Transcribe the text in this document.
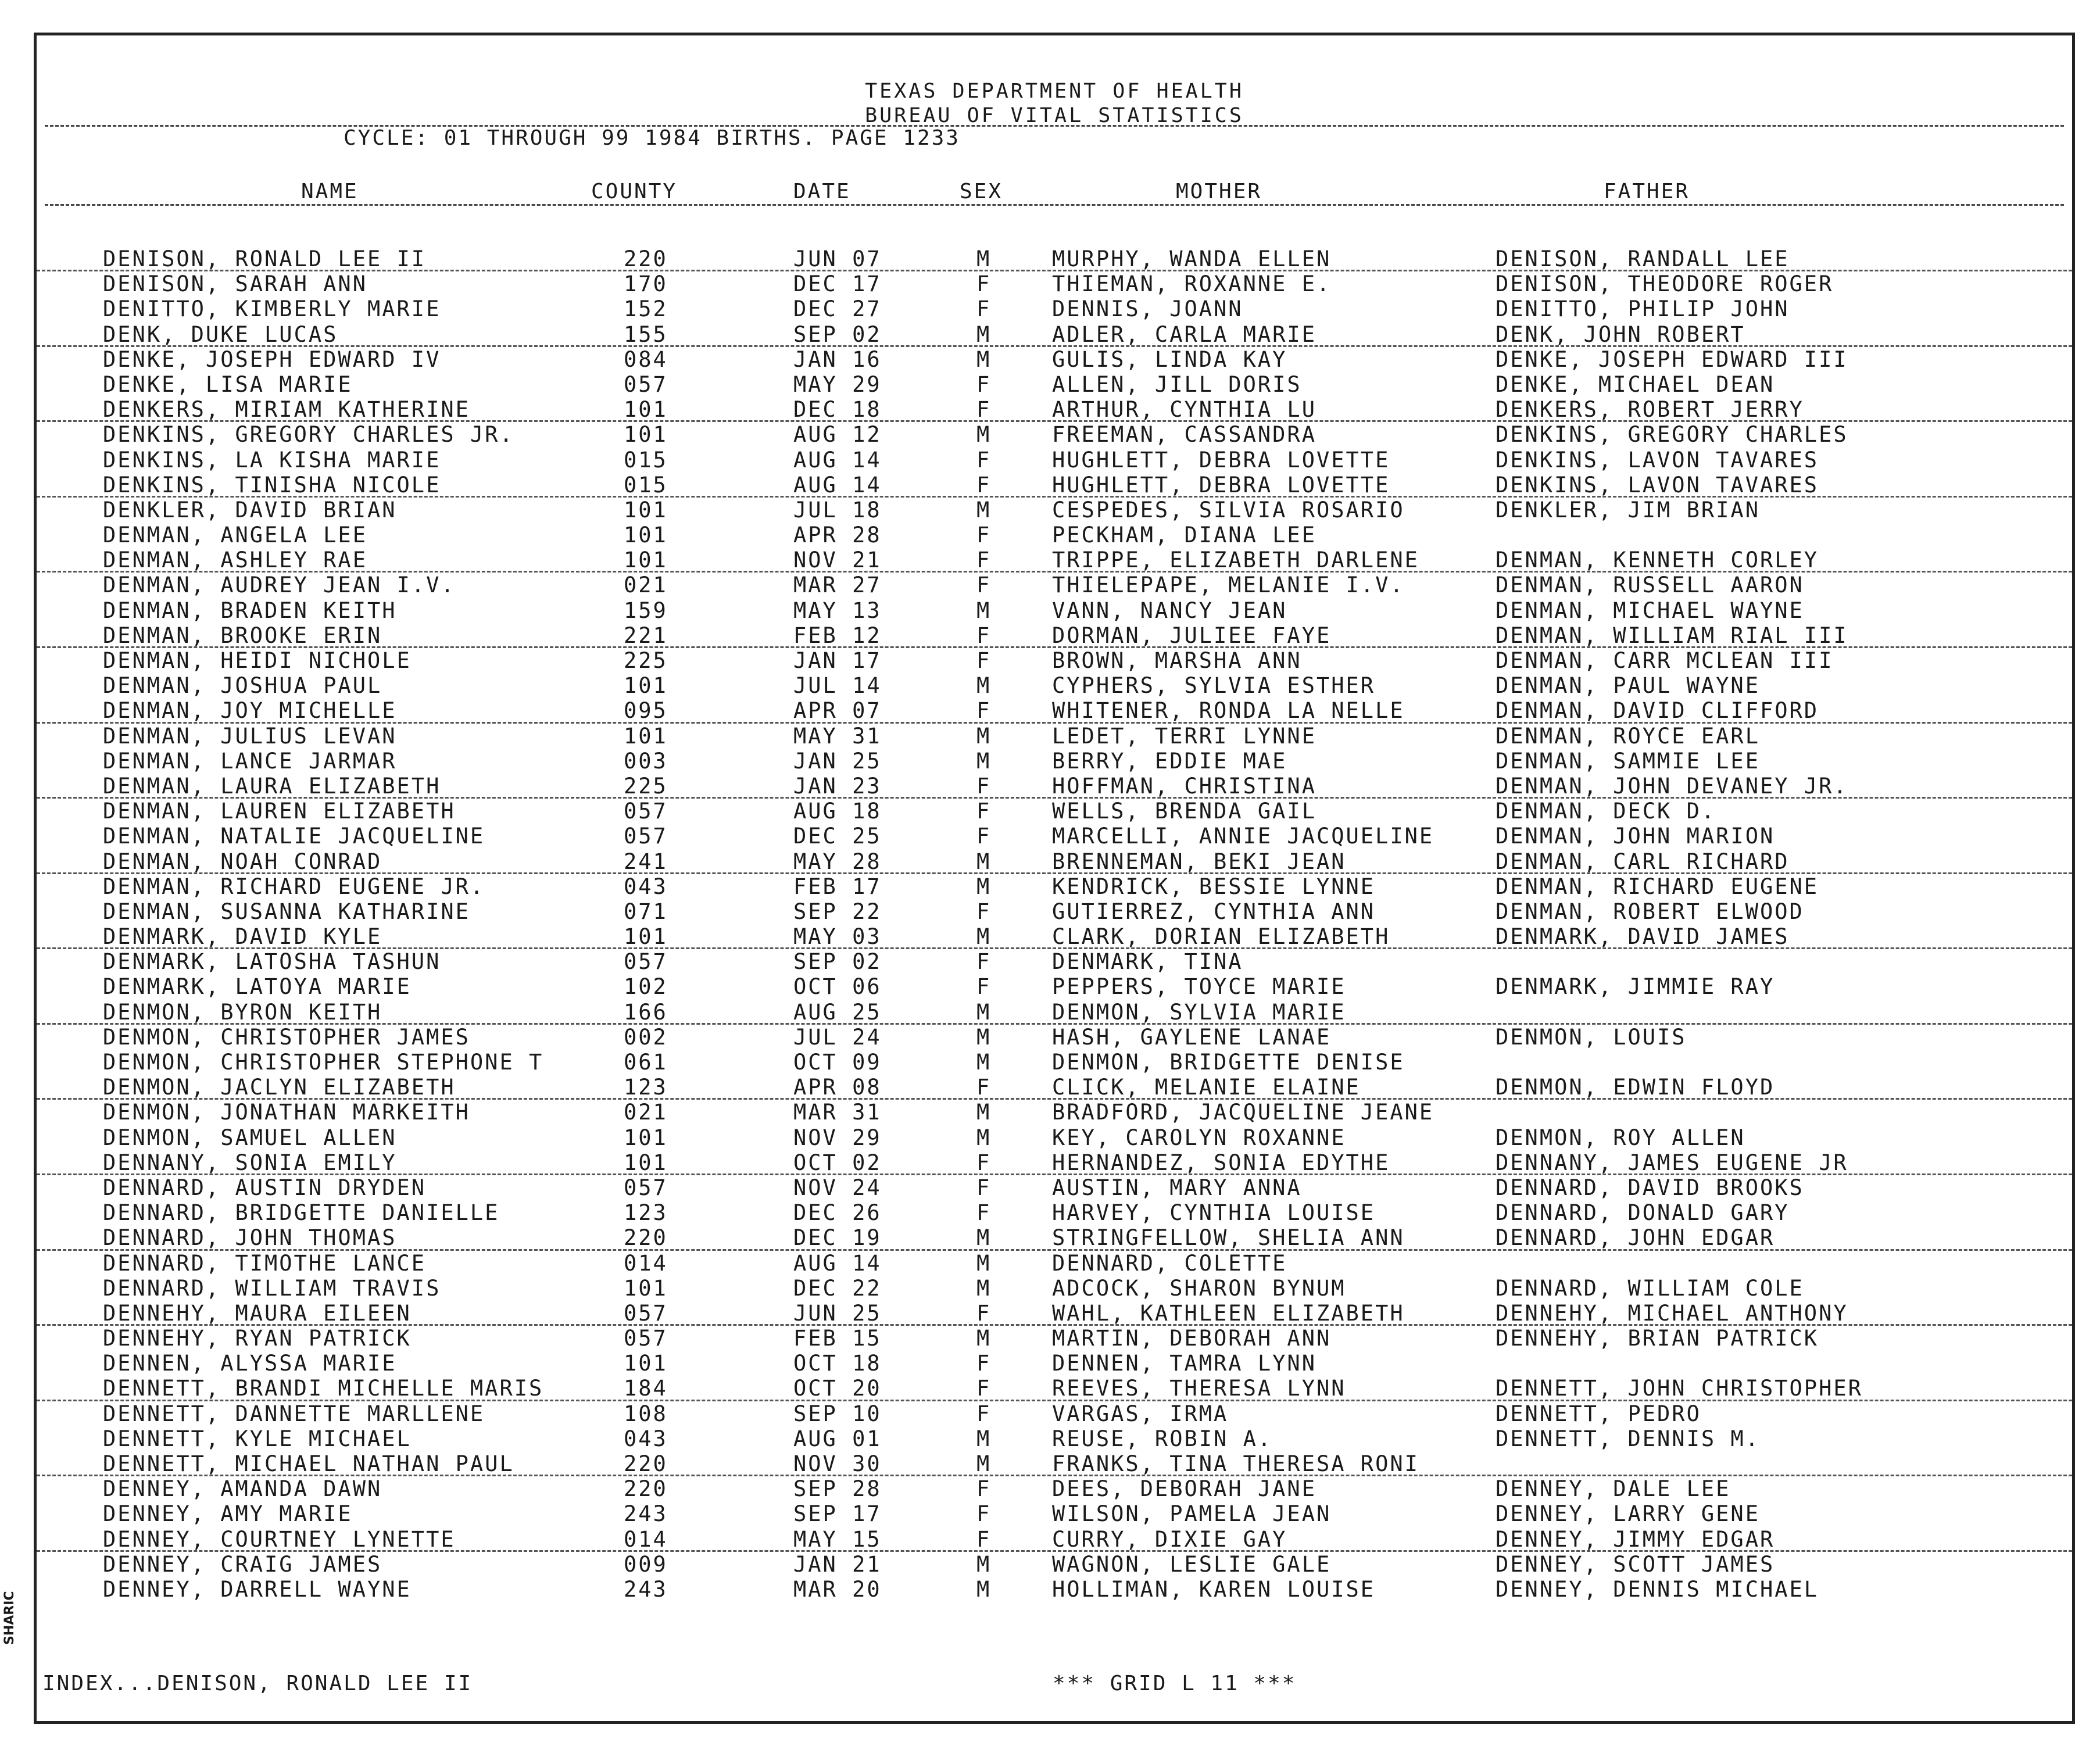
TEXAS DEPARTMENT OF HEALTH
BUREAU OF VITAL STATISTICS
CYCLE: 01 THROUGH 99 1984 BIRTHS. PAGE 1233
NAME	COUNTY	DATE	SEX	MOTHER	FATHER
DENISON, RONALD LEE II	220	JUN 07	M	MURPHY, WANDA ELLEN	DENISON, RANDALL LEE
DENISON, SARAH ANN	170	DEC 17	F	THIEMAN, ROXANNE E.	DENISON, THEODORE ROGER
DENITTO, KIMBERLY MARIE	152	DEC 27	F	DENNIS, JOANN	DENITTO, PHILIP JOHN
DENK, DUKE LUCAS	155	SEP 02	M	ADLER, CARLA MARIE	DENK, JOHN ROBERT
DENKE, JOSEPH EDWARD IV	084	JAN 16	M	GULIS, LINDA KAY	DENKE, JOSEPH EDWARD III
DENKE, LISA MARIE	057	MAY 29	F	ALLEN, JILL DORIS	DENKE, MICHAEL DEAN
DENKERS, MIRIAM KATHERINE	101	DEC 18	F	ARTHUR, CYNTHIA LU	DENKERS, ROBERT JERRY
DENKINS, GREGORY CHARLES JR.	101	AUG 12	M	FREEMAN, CASSANDRA	DENKINS, GREGORY CHARLES
DENKINS, LA KISHA MARIE	015	AUG 14	F	HUGHLETT, DEBRA LOVETTE	DENKINS, LAVON TAVARES
DENKINS, TINISHA NICOLE	015	AUG 14	F	HUGHLETT, DEBRA LOVETTE	DENKINS, LAVON TAVARES
DENKLER, DAVID BRIAN	101	JUL 18	M	CESPEDES, SILVIA ROSARIO	DENKLER, JIM BRIAN
DENMAN, ANGELA LEE	101	APR 28	F	PECKHAM, DIANA LEE
DENMAN, ASHLEY RAE	101	NOV 21	F	TRIPPE, ELIZABETH DARLENE	DENMAN, KENNETH CORLEY
DENMAN, AUDREY JEAN I.V.	021	MAR 27	F	THIELEPAPE, MELANIE I.V.	DENMAN, RUSSELL AARON
DENMAN, BRADEN KEITH	159	MAY 13	M	VANN, NANCY JEAN	DENMAN, MICHAEL WAYNE
DENMAN, BROOKE ERIN	221	FEB 12	F	DORMAN, JULIEE FAYE	DENMAN, WILLIAM RIAL III
DENMAN, HEIDI NICHOLE	225	JAN 17	F	BROWN, MARSHA ANN	DENMAN, CARR MCLEAN III
DENMAN, JOSHUA PAUL	101	JUL 14	M	CYPHERS, SYLVIA ESTHER	DENMAN, PAUL WAYNE
DENMAN, JOY MICHELLE	095	APR 07	F	WHITENER, RONDA LA NELLE	DENMAN, DAVID CLIFFORD
DENMAN, JULIUS LEVAN	101	MAY 31	M	LEDET, TERRI LYNNE	DENMAN, ROYCE EARL
DENMAN, LANCE JARMAR	003	JAN 25	M	BERRY, EDDIE MAE	DENMAN, SAMMIE LEE
DENMAN, LAURA ELIZABETH	225	JAN 23	F	HOFFMAN, CHRISTINA	DENMAN, JOHN DEVANEY JR.
DENMAN, LAUREN ELIZABETH	057	AUG 18	F	WELLS, BRENDA GAIL	DENMAN, DECK D.
DENMAN, NATALIE JACQUELINE	057	DEC 25	F	MARCELLI, ANNIE JACQUELINE	DENMAN, JOHN MARION
DENMAN, NOAH CONRAD	241	MAY 28	M	BRENNEMAN, BEKI JEAN	DENMAN, CARL RICHARD
DENMAN, RICHARD EUGENE JR.	043	FEB 17	M	KENDRICK, BESSIE LYNNE	DENMAN, RICHARD EUGENE
DENMAN, SUSANNA KATHARINE	071	SEP 22	F	GUTIERREZ, CYNTHIA ANN	DENMAN, ROBERT ELWOOD
DENMARK, DAVID KYLE	101	MAY 03	M	CLARK, DORIAN ELIZABETH	DENMARK, DAVID JAMES
DENMARK, LATOSHA TASHUN	057	SEP 02	F	DENMARK, TINA
DENMARK, LATOYA MARIE	102	OCT 06	F	PEPPERS, TOYCE MARIE	DENMARK, JIMMIE RAY
DENMON, BYRON KEITH	166	AUG 25	M	DENMON, SYLVIA MARIE
DENMON, CHRISTOPHER JAMES	002	JUL 24	M	HASH, GAYLENE LANAE	DENMON, LOUIS
DENMON, CHRISTOPHER STEPHONE T	061	OCT 09	M	DENMON, BRIDGETTE DENISE
DENMON, JACLYN ELIZABETH	123	APR 08	F	CLICK, MELANIE ELAINE	DENMON, EDWIN FLOYD
DENMON, JONATHAN MARKEITH	021	MAR 31	M	BRADFORD, JACQUELINE JEANE
DENMON, SAMUEL ALLEN	101	NOV 29	M	KEY, CAROLYN ROXANNE	DENMON, ROY ALLEN
DENNANY, SONIA EMILY	101	OCT 02	F	HERNANDEZ, SONIA EDYTHE	DENNANY, JAMES EUGENE JR
DENNARD, AUSTIN DRYDEN	057	NOV 24	F	AUSTIN, MARY ANNA	DENNARD, DAVID BROOKS
DENNARD, BRIDGETTE DANIELLE	123	DEC 26	F	HARVEY, CYNTHIA LOUISE	DENNARD, DONALD GARY
DENNARD, JOHN THOMAS	220	DEC 19	M	STRINGFELLOW, SHELIA ANN	DENNARD, JOHN EDGAR
DENNARD, TIMOTHE LANCE	014	AUG 14	M	DENNARD, COLETTE
DENNARD, WILLIAM TRAVIS	101	DEC 22	M	ADCOCK, SHARON BYNUM	DENNARD, WILLIAM COLE
DENNEHY, MAURA EILEEN	057	JUN 25	F	WAHL, KATHLEEN ELIZABETH	DENNEHY, MICHAEL ANTHONY
DENNEHY, RYAN PATRICK	057	FEB 15	M	MARTIN, DEBORAH ANN	DENNEHY, BRIAN PATRICK
DENNEN, ALYSSA MARIE	101	OCT 18	F	DENNEN, TAMRA LYNN
DENNETT, BRANDI MICHELLE MARIS	184	OCT 20	F	REEVES, THERESA LYNN	DENNETT, JOHN CHRISTOPHER
DENNETT, DANNETTE MARLLENE	108	SEP 10	F	VARGAS, IRMA	DENNETT, PEDRO
DENNETT, KYLE MICHAEL	043	AUG 01	M	REUSE, ROBIN A.	DENNETT, DENNIS M.
DENNETT, MICHAEL NATHAN PAUL	220	NOV 30	M	FRANKS, TINA THERESA RONI
DENNEY, AMANDA DAWN	220	SEP 28	F	DEES, DEBORAH JANE	DENNEY, DALE LEE
DENNEY, AMY MARIE	243	SEP 17	F	WILSON, PAMELA JEAN	DENNEY, LARRY GENE
DENNEY, COURTNEY LYNETTE	014	MAY 15	F	CURRY, DIXIE GAY	DENNEY, JIMMY EDGAR
DENNEY, CRAIG JAMES	009	JAN 21	M	WAGNON, LESLIE GALE	DENNEY, SCOTT JAMES
DENNEY, DARRELL WAYNE	243	MAR 20	M	HOLLIMAN, KAREN LOUISE	DENNEY, DENNIS MICHAEL
INDEX...DENISON, RONALD LEE II	*** GRID L 11 ***
SHARIC
